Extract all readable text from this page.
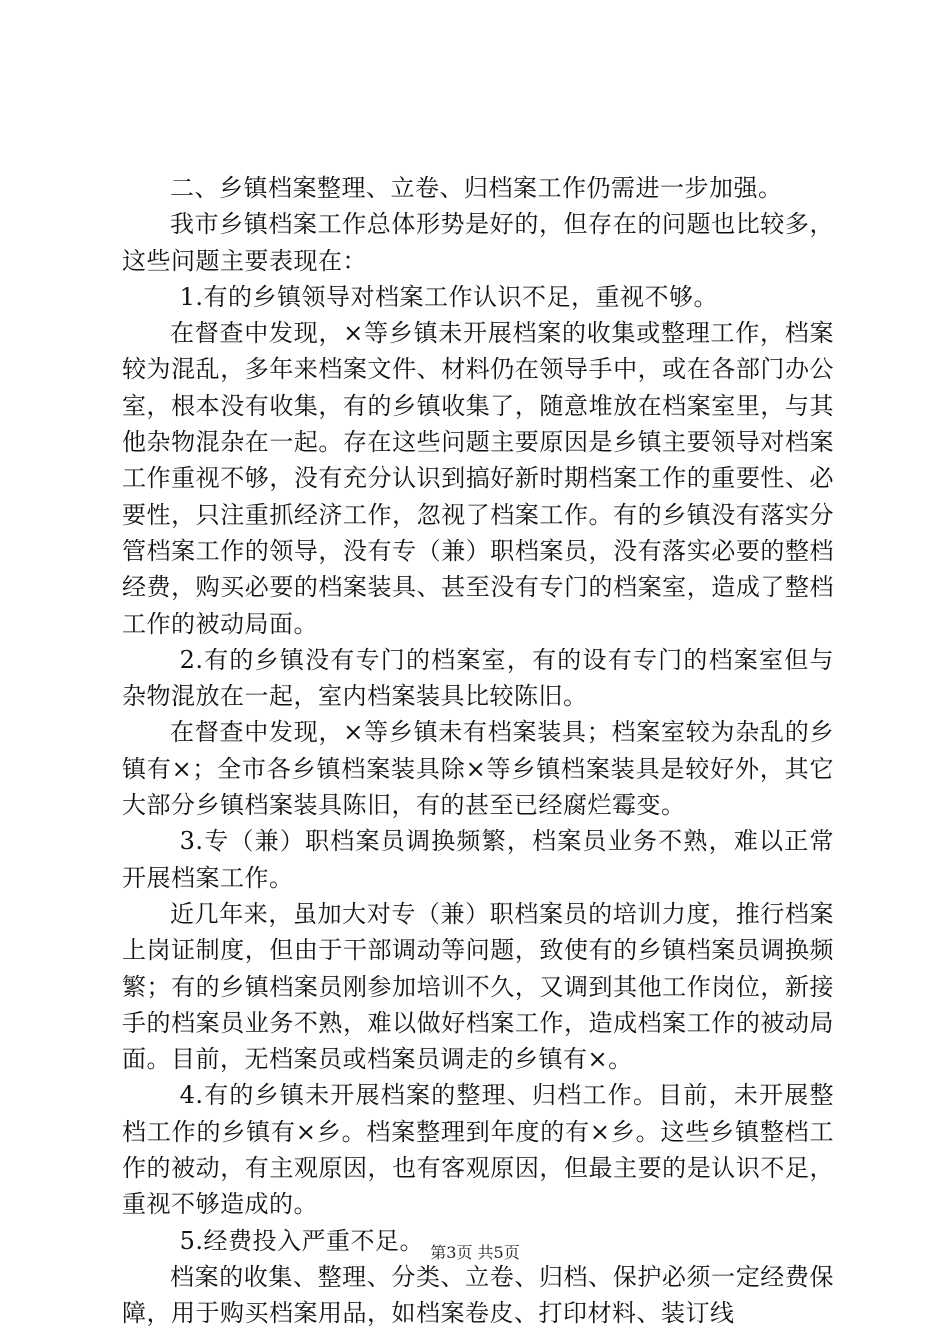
二、乡镇档案整理、立卷、归档案工作仍需进一步加强。

我市乡镇档案工作总体形势是好的，但存在的问题也比较多，这些问题主要表现在：

1.有的乡镇领导对档案工作认识不足，重视不够。

在督查中发现，×等乡镇未开展档案的收集或整理工作，档案较为混乱，多年来档案文件、材料仍在领导手中，或在各部门办公室，根本没有收集，有的乡镇收集了，随意堆放在档案室里，与其他杂物混杂在一起。存在这些问题主要原因是乡镇主要领导对档案工作重视不够，没有充分认识到搞好新时期档案工作的重要性、必要性，只注重抓经济工作，忽视了档案工作。有的乡镇没有落实分管档案工作的领导，没有专（兼）职档案员，没有落实必要的整档经费，购买必要的档案装具、甚至没有专门的档案室，造成了整档工作的被动局面。

2.有的乡镇没有专门的档案室，有的设有专门的档案室但与杂物混放在一起，室内档案装具比较陈旧。

在督查中发现，×等乡镇未有档案装具；档案室较为杂乱的乡镇有×；全市各乡镇档案装具除×等乡镇档案装具是较好外，其它大部分乡镇档案装具陈旧，有的甚至已经腐烂霉变。

3.专（兼）职档案员调换频繁，档案员业务不熟，难以正常开展档案工作。

近几年来，虽加大对专（兼）职档案员的培训力度，推行档案上岗证制度，但由于干部调动等问题，致使有的乡镇档案员调换频繁；有的乡镇档案员刚参加培训不久，又调到其他工作岗位，新接手的档案员业务不熟，难以做好档案工作，造成档案工作的被动局面。目前，无档案员或档案员调走的乡镇有×。

4.有的乡镇未开展档案的整理、归档工作。目前，未开展整档工作的乡镇有×乡。档案整理到年度的有×乡。这些乡镇整档工作的被动，有主观原因，也有客观原因，但最主要的是认识不足，重视不够造成的。

5.经费投入严重不足。

档案的收集、整理、分类、立卷、归档、保护必须一定经费保障，用于购买档案用品，如档案卷皮、打印材料、装订线

第3页 共5页
